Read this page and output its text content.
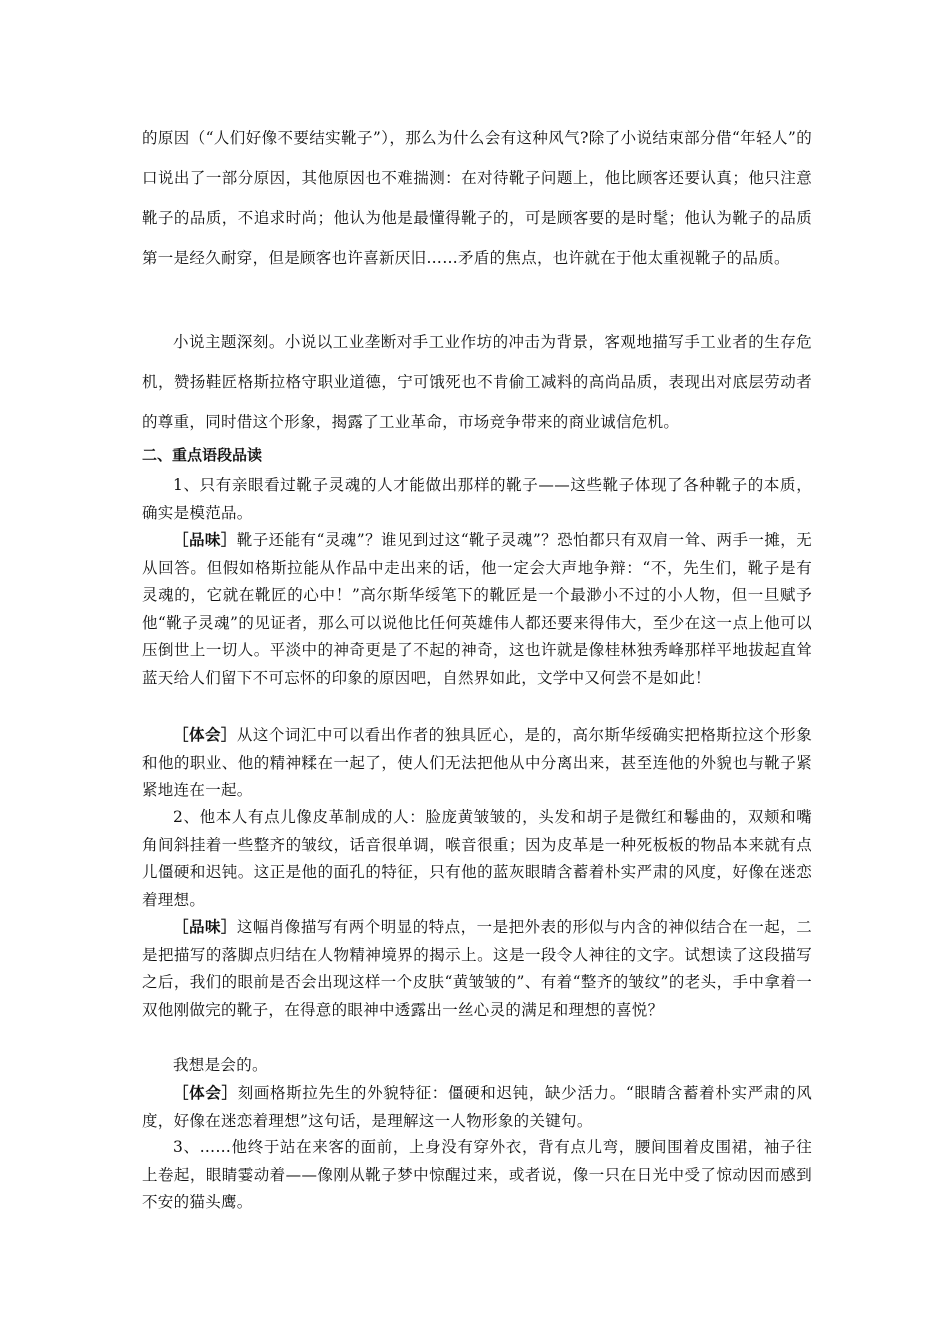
的原因（“人们好像不要结实靴子”），那么为什么会有这种风气?除了小说结束部分借“年轻人”的口说出了一部分原因，其他原因也不难揣测：在对待靴子问题上，他比顾客还要认真；他只注意靴子的品质，不追求时尚；他认为他是最懂得靴子的，可是顾客要的是时髦；他认为靴子的品质第一是经久耐穿，但是顾客也许喜新厌旧……矛盾的焦点，也许就在于他太重视靴子的品质。

小说主题深刻。小说以工业垄断对手工业作坊的冲击为背景，客观地描写手工业者的生存危机，赞扬鞋匠格斯拉格守职业道德，宁可饿死也不肯偷工减料的高尚品质，表现出对底层劳动者的尊重，同时借这个形象，揭露了工业革命，市场竞争带来的商业诚信危机。

二、重点语段品读

1、只有亲眼看过靴子灵魂的人才能做出那样的靴子——这些靴子体现了各种靴子的本质，确实是模范品。

［品味］靴子还能有“灵魂”？谁见到过这“靴子灵魂”？恐怕都只有双肩一耸、两手一摊，无从回答。但假如格斯拉能从作品中走出来的话，他一定会大声地争辩：“不，先生们，靴子是有灵魂的，它就在靴匠的心中！”高尔斯华绥笔下的靴匠是一个最渺小不过的小人物，但一旦赋予他“靴子灵魂”的见证者，那么可以说他比任何英雄伟人都还要来得伟大，至少在这一点上他可以压倒世上一切人。平淡中的神奇更是了不起的神奇，这也许就是像桂林独秀峰那样平地拔起直耸蓝天给人们留下不可忘怀的印象的原因吧，自然界如此，文学中又何尝不是如此！

［体会］从这个词汇中可以看出作者的独具匠心，是的，高尔斯华绥确实把格斯拉这个形象和他的职业、他的精神糅在一起了，使人们无法把他从中分离出来，甚至连他的外貌也与靴子紧紧地连在一起。

2、他本人有点儿像皮革制成的人：脸庞黄皱皱的，头发和胡子是微红和鬈曲的，双颊和嘴角间斜挂着一些整齐的皱纹，话音很单调，喉音很重；因为皮革是一种死板板的物品本来就有点儿僵硬和迟钝。这正是他的面孔的特征，只有他的蓝灰眼睛含蓄着朴实严肃的风度，好像在迷恋着理想。

［品味］这幅肖像描写有两个明显的特点，一是把外表的形似与内含的神似结合在一起，二是把描写的落脚点归结在人物精神境界的揭示上。这是一段令人神往的文字。试想读了这段描写之后，我们的眼前是否会出现这样一个皮肤“黄皱皱的”、有着“整齐的皱纹”的老头，手中拿着一双他刚做完的靴子，在得意的眼神中透露出一丝心灵的满足和理想的喜悦？

我想是会的。

［体会］刻画格斯拉先生的外貌特征：僵硬和迟钝，缺少活力。“眼睛含蓄着朴实严肃的风度，好像在迷恋着理想”这句话，是理解这一人物形象的关键句。

3、……他终于站在来客的面前，上身没有穿外衣，背有点儿弯，腰间围着皮围裙，袖子往上卷起，眼睛霎动着——像刚从靴子梦中惊醒过来，或者说，像一只在日光中受了惊动因而感到不安的猫头鹰。
